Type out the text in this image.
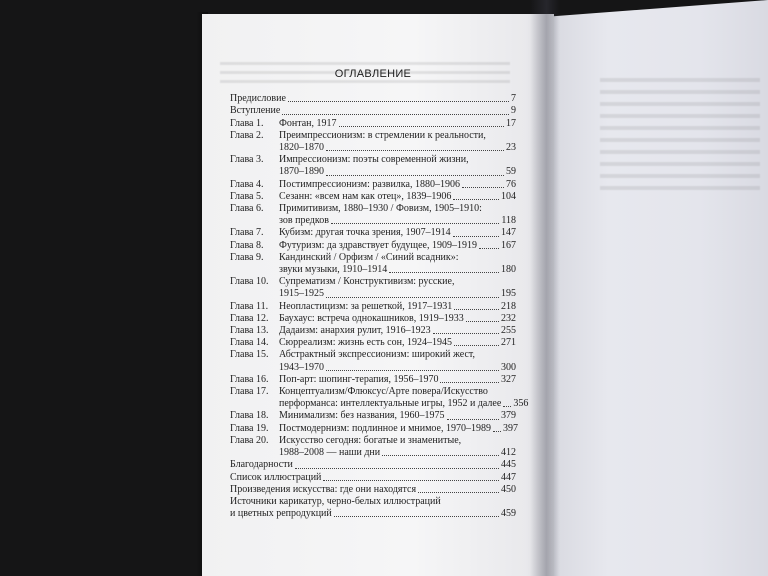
ОГЛАВЛЕНИЕ
Предисловие	7
Вступление	9
Глава 1.	Фонтан, 1917	17
Глава 2.	Преимпрессионизм: в стремлении к реальности,
1820–1870	23
Глава 3.	Импрессионизм: поэты современной жизни,
1870–1890	59
Глава 4.	Постимпрессионизм: развилка, 1880–1906	76
Глава 5.	Сезанн: «всем нам как отец», 1839–1906	104
Глава 6.	Примитивизм, 1880–1930 / Фовизм, 1905–1910:
зов предков	118
Глава 7.	Кубизм: другая точка зрения, 1907–1914	147
Глава 8.	Футуризм: да здравствует будущее, 1909–1919 167
Глава 9.	Кандинский / Орфизм / «Синий всадник»:
звуки музыки, 1910–1914	180
Глава 10.	Супрематизм / Конструктивизм: русские,
1915–1925	195
Глава 11.	Неопластицизм: за решеткой, 1917–1931	218
Глава 12.	Баухаус: встреча однокашников, 1919–1933	232
Глава 13.	Дадаизм: анархия рулит, 1916–1923	255
Глава 14.	Сюрреализм: жизнь есть сон, 1924–1945	271
Глава 15.	Абстрактный экспрессионизм: широкий жест,
1943–1970	300
Глава 16.	Поп-арт: шопинг-терапия, 1956–1970	327
Глава 17.	Концептуализм/Флюксус/Арте повера/Искусство
перформанса: интеллектуальные игры, 1952 и далее 356
Глава 18.	Минимализм: без названия, 1960–1975	379
Глава 19.	Постмодернизм: подлинное и мнимое, 1970–1989 397
Глава 20.	Искусство сегодня: богатые и знаменитые,
1988–2008 — наши дни	412
Благодарности	445
Список иллюстраций	447
Произведения искусства: где они находятся	450
Источники карикатур, черно-белых иллюстраций
и цветных репродукций	459
